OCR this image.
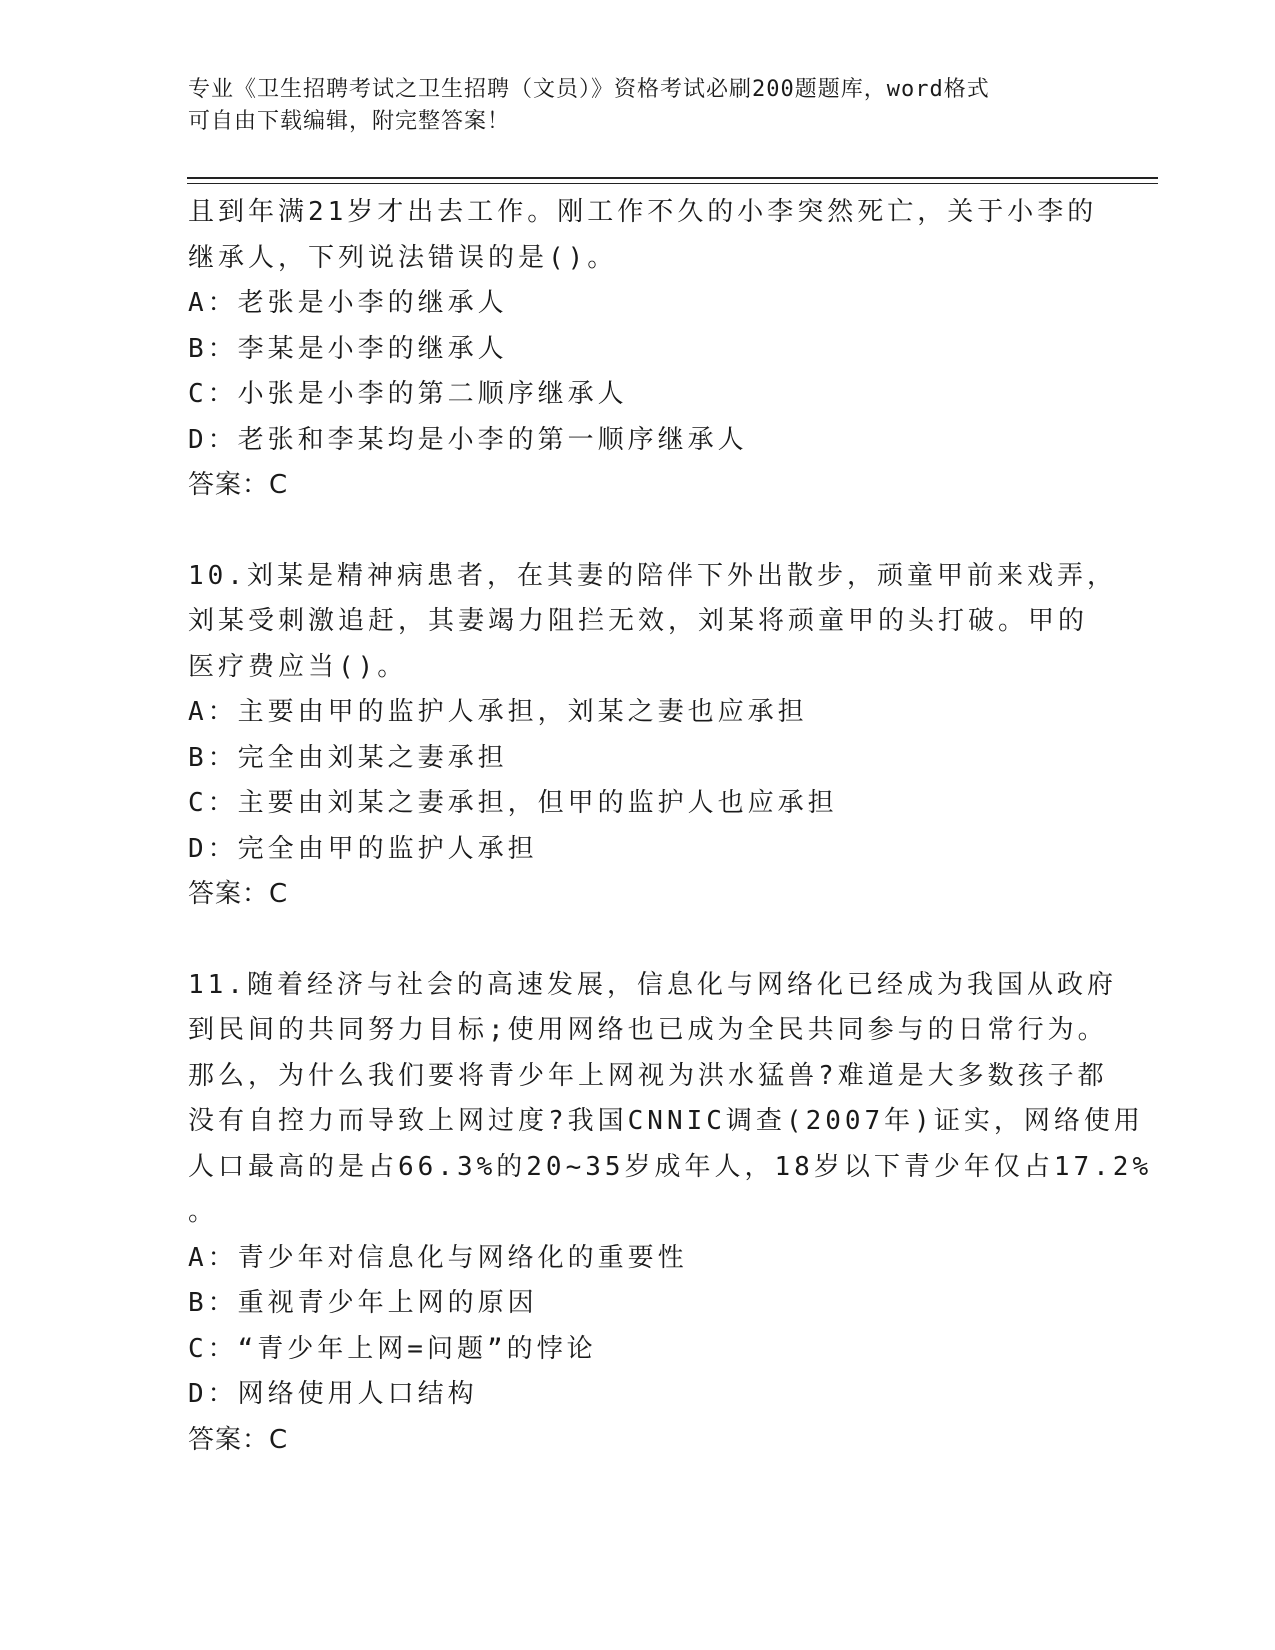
专业《卫生招聘考试之卫生招聘（文员）》资格考试必刷200题题库，word格式
可自由下载编辑，附完整答案！
且到年满21岁才出去工作。刚工作不久的小李突然死亡，关于小李的
继承人，下列说法错误的是()。
A：老张是小李的继承人
B：李某是小李的继承人
C：小张是小李的第二顺序继承人
D：老张和李某均是小李的第一顺序继承人
答案：C
10.刘某是精神病患者，在其妻的陪伴下外出散步，顽童甲前来戏弄，
刘某受刺激追赶，其妻竭力阻拦无效，刘某将顽童甲的头打破。甲的
医疗费应当()。
A：主要由甲的监护人承担，刘某之妻也应承担
B：完全由刘某之妻承担
C：主要由刘某之妻承担，但甲的监护人也应承担
D：完全由甲的监护人承担
答案：C
11.随着经济与社会的高速发展，信息化与网络化已经成为我国从政府
到民间的共同努力目标;使用网络也已成为全民共同参与的日常行为。
那么，为什么我们要将青少年上网视为洪水猛兽?难道是大多数孩子都
没有自控力而导致上网过度?我国CNNIC调查(2007年)证实，网络使用
人口最高的是占66.3%的20~35岁成年人，18岁以下青少年仅占17.2%
。
A：青少年对信息化与网络化的重要性
B：重视青少年上网的原因
C：“青少年上网=问题”的悖论
D：网络使用人口结构
答案：C
